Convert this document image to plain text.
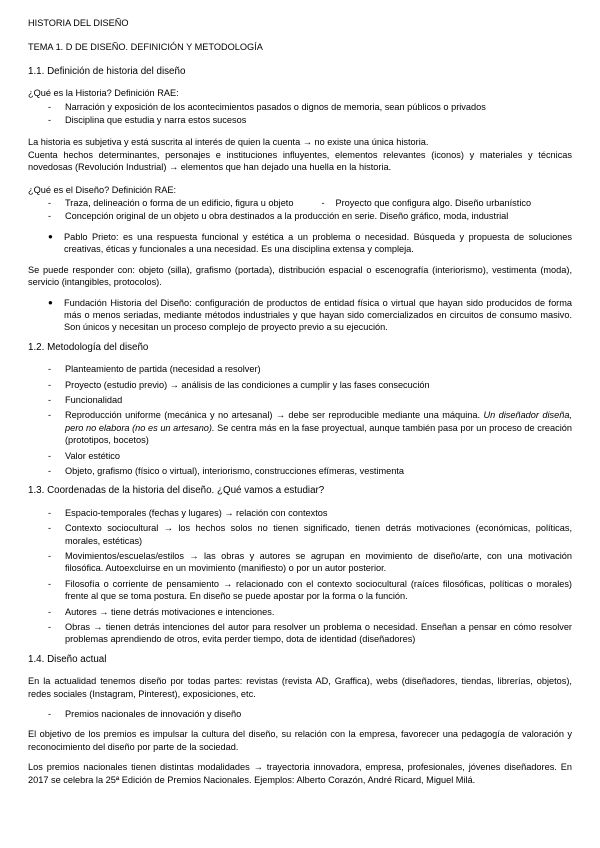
HISTORIA DEL DISEÑO

TEMA 1. D DE DISEÑO. DEFINICIÓN Y METODOLOGÍA

1.1. Definición de historia del diseño

¿Qué es la Historia? Definición RAE:

- Narración y exposición de los acontecimientos pasados o dignos de memoria, sean públicos o privados
- Disciplina que estudia y narra estos sucesos

La historia es subjetiva y está suscrita al interés de quien la cuenta → no existe una única historia.

Cuenta hechos determinantes, personajes e instituciones influyentes, elementos relevantes (iconos) y materiales y técnicas novedosas (Revolución Industrial) → elementos que han dejado una huella en la historia.

¿Qué es el Diseño? Definición RAE:

- Traza, delineación o forma de un edificio, figura u objeto
-	Proyecto que configura algo. Diseño urbanístico
- Concepción original de un objeto u obra destinados a la producción en serie. Diseño gráfico, moda, industrial
● Pablo Prieto: es una respuesta funcional y estética a un problema o necesidad. Búsqueda y propuesta de soluciones creativas, éticas y funcionales a una necesidad. Es una disciplina extensa y compleja.

Se puede responder con: objeto (silla), grafismo (portada), distribución espacial o escenografía (interiorismo), vestimenta (moda), servicio (intangibles, protocolos).

● Fundación Historia del Diseño: configuración de productos de entidad física o virtual que hayan sido producidos de forma más o menos seriadas, mediante métodos industriales y que hayan sido comercializados en circuitos de consumo masivo. Son únicos y necesitan un proceso complejo de proyecto previo a su ejecución.

1.2. Metodología del diseño

- Planteamiento de partida (necesidad a resolver)
- Proyecto (estudio previo) → análisis de las condiciones a cumplir y las fases consecución
- Funcionalidad
- Reproducción uniforme (mecánica y no artesanal) → debe ser reproducible mediante una máquina. Un diseñador diseña, pero no elabora (no es un artesano). Se centra más en la fase proyectual, aunque también pasa por un proceso de creación (prototipos, bocetos)
- Valor estético
- Objeto, grafismo (físico o virtual), interiorismo, construcciones efímeras, vestimenta

1.3. Coordenadas de la historia del diseño. ¿Qué vamos a estudiar?

- Espacio-temporales (fechas y lugares) → relación con contextos
- Contexto sociocultural → los hechos solos no tienen significado, tienen detrás motivaciones (económicas, políticas, morales, estéticas)
- Movimientos/escuelas/estilos → las obras y autores se agrupan en movimiento de diseño/arte, con una motivación filosófica. Autoexcluirse en un movimiento (manifiesto) o por un autor posterior.
- Filosofía o corriente de pensamiento → relacionado con el contexto sociocultural (raíces filosóficas, políticas o morales) frente al que se toma postura. En diseño se puede apostar por la forma o la función.
- Autores → tiene detrás motivaciones e intenciones.
- Obras → tienen detrás intenciones del autor para resolver un problema o necesidad. Enseñan a pensar en cómo resolver problemas aprendiendo de otros, evita perder tiempo, dota de identidad (diseñadores)

1.4. Diseño actual

En la actualidad tenemos diseño por todas partes: revistas (revista AD, Graffica), webs (diseñadores, tiendas, librerías, objetos), redes sociales (Instagram, Pinterest), exposiciones, etc.

- Premios nacionales de innovación y diseño

El objetivo de los premios es impulsar la cultura del diseño, su relación con la empresa, favorecer una pedagogía de valoración y reconocimiento del diseño por parte de la sociedad.

Los premios nacionales tienen distintas modalidades → trayectoria innovadora, empresa, profesionales, jóvenes diseñadores. En 2017 se celebra la 25ª Edición de Premios Nacionales. Ejemplos: Alberto Corazón, André Ricard, Miguel Milá.
